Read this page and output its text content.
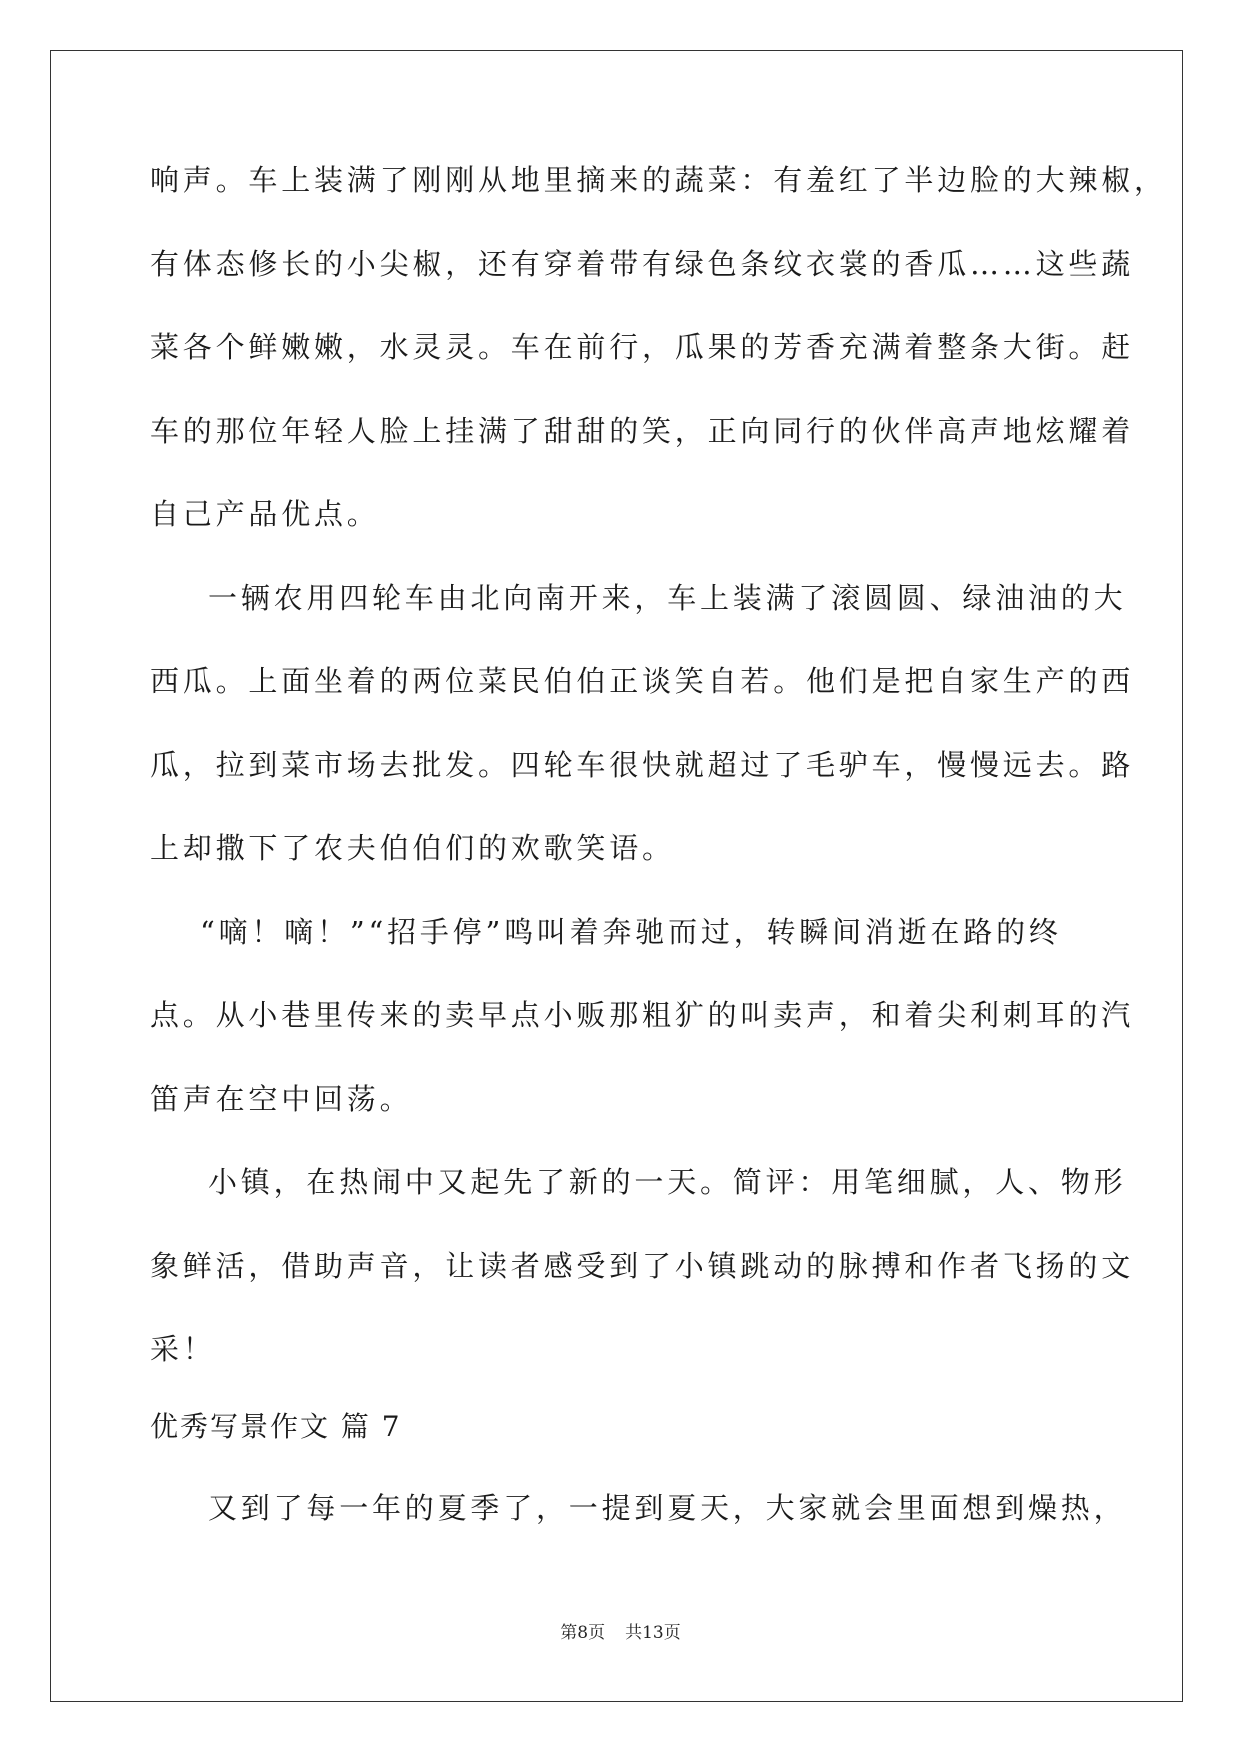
响声。车上装满了刚刚从地里摘来的蔬菜：有羞红了半边脸的大辣椒，
有体态修长的小尖椒，还有穿着带有绿色条纹衣裳的香瓜……这些蔬
菜各个鲜嫩嫩，水灵灵。车在前行，瓜果的芳香充满着整条大街。赶
车的那位年轻人脸上挂满了甜甜的笑，正向同行的伙伴高声地炫耀着
自己产品优点。
一辆农用四轮车由北向南开来，车上装满了滚圆圆、绿油油的大
西瓜。上面坐着的两位菜民伯伯正谈笑自若。他们是把自家生产的西
瓜，拉到菜市场去批发。四轮车很快就超过了毛驴车，慢慢远去。路
上却撒下了农夫伯伯们的欢歌笑语。
“嘀！嘀！”“招手停”鸣叫着奔驰而过，转瞬间消逝在路的终
点。从小巷里传来的卖早点小贩那粗犷的叫卖声，和着尖利刺耳的汽
笛声在空中回荡。
小镇，在热闹中又起先了新的一天。简评：用笔细腻，人、物形
象鲜活，借助声音，让读者感受到了小镇跳动的脉搏和作者飞扬的文
采！
优秀写景作文 篇 7
又到了每一年的夏季了，一提到夏天，大家就会里面想到燥热，
第8页 共13页
